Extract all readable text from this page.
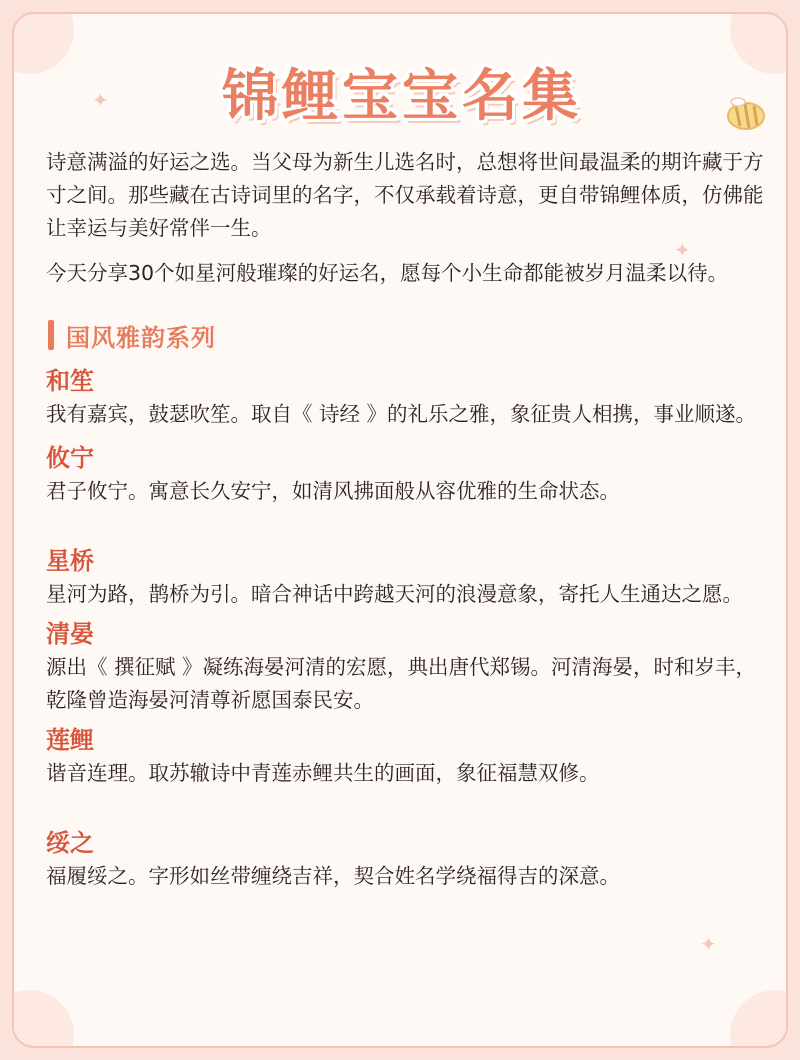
✦
✦
✦
锦鲤宝宝名集

诗意满溢的好运之选。当父母为新生儿选名时，总想将世间最温柔的期许藏于方寸之间。那些藏在古诗词里的名字，不仅承载着诗意，更自带锦鲤体质，仿佛能让幸运与美好常伴一生。

今天分享30个如星河般璀璨的好运名，愿每个小生命都能被岁月温柔以待。

国风雅韵系列

和笙

我有嘉宾，鼓瑟吹笙。取自《 诗经 》的礼乐之雅，象征贵人相携，事业顺遂。

攸宁

君子攸宁。寓意长久安宁，如清风拂面般从容优雅的生命状态。

星桥

星河为路，鹊桥为引。暗合神话中跨越天河的浪漫意象，寄托人生通达之愿。

清晏

源出《 撰征赋 》凝练海晏河清的宏愿，典出唐代郑锡。河清海晏，时和岁丰，乾隆曾造海晏河清尊祈愿国泰民安。

莲鲤

谐音连理。取苏辙诗中青莲赤鲤共生的画面，象征福慧双修。

绥之

福履绥之。字形如丝带缠绕吉祥，契合姓名学绕福得吉的深意。
